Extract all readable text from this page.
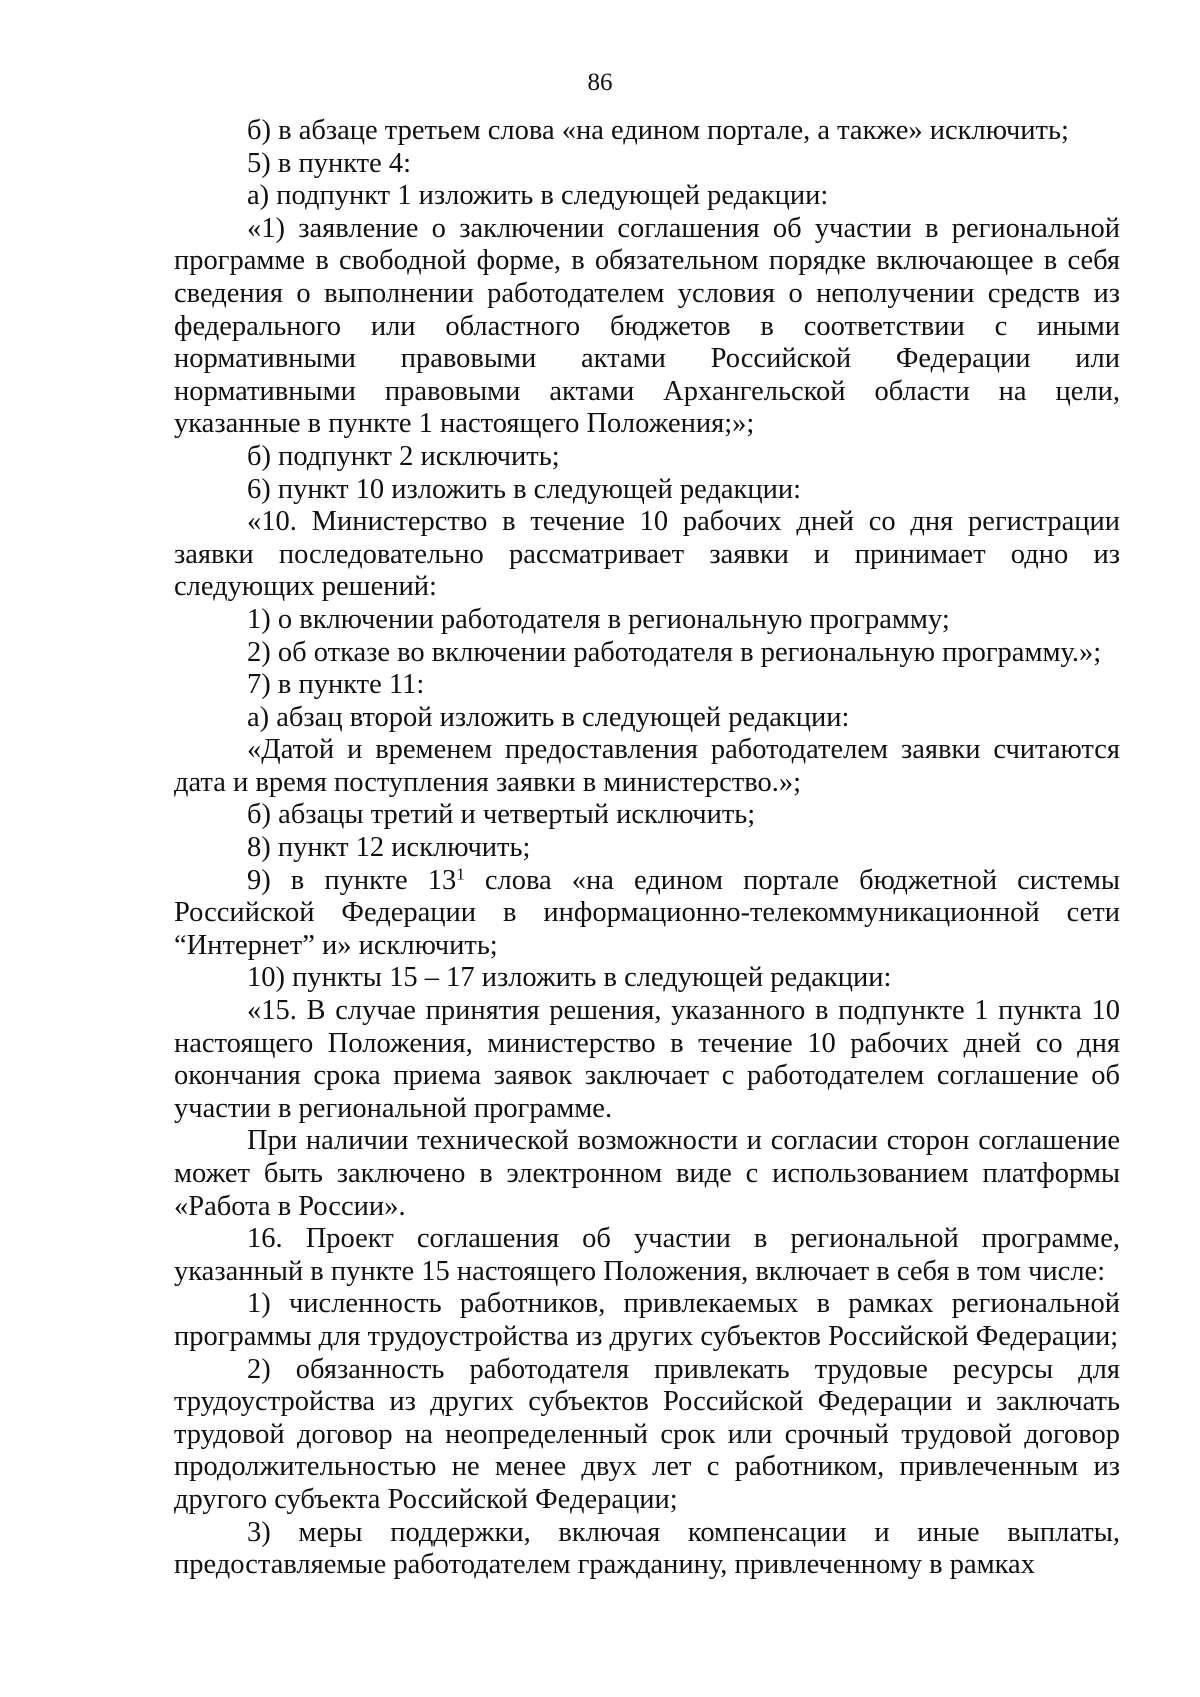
86

б) в абзаце третьем слова «на едином портале, а также» исключить;

5) в пункте 4:

а) подпункт 1 изложить в следующей редакции:

«1) заявление о заключении соглашения об участии в региональной программе в свободной форме, в обязательном порядке включающее в себя сведения о выполнении работодателем условия о неполучении средств из федерального или областного бюджетов в соответствии с иными нормативными правовыми актами Российской Федерации или нормативными правовыми актами Архангельской области на цели, указанные в пункте 1 настоящего Положения;»;

б) подпункт 2 исключить;

6) пункт 10 изложить в следующей редакции:

«10. Министерство в течение 10 рабочих дней со дня регистрации заявки последовательно рассматривает заявки и принимает одно из следующих решений:

1) о включении работодателя в региональную программу;

2) об отказе во включении работодателя в региональную программу.»;

7) в пункте 11:

а) абзац второй изложить в следующей редакции:

«Датой и временем предоставления работодателем заявки считаются дата и время поступления заявки в министерство.»;

б) абзацы третий и четвертый исключить;

8) пункт 12 исключить;

9) в пункте $13^1$ слова «на едином портале бюджетной системы Российской Федерации в информационно-телекоммуникационной сети “Интернет” и» исключить;

10) пункты 15 – 17 изложить в следующей редакции:

«15. В случае принятия решения, указанного в подпункте 1 пункта 10 настоящего Положения, министерство в течение 10 рабочих дней со дня окончания срока приема заявок заключает с работодателем соглашение об участии в региональной программе.

При наличии технической возможности и согласии сторон соглашение может быть заключено в электронном виде с использованием платформы «Работа в России».

16. Проект соглашения об участии в региональной программе, указанный в пункте 15 настоящего Положения, включает в себя в том числе:

1) численность работников, привлекаемых в рамках региональной программы для трудоустройства из других субъектов Российской Федерации;

2) обязанность работодателя привлекать трудовые ресурсы для трудоустройства из других субъектов Российской Федерации и заключать трудовой договор на неопределенный срок или срочный трудовой договор продолжительностью не менее двух лет с работником, привлеченным из другого субъекта Российской Федерации;

3) меры поддержки, включая компенсации и иные выплаты, предоставляемые работодателем гражданину, привлеченному в рамках
